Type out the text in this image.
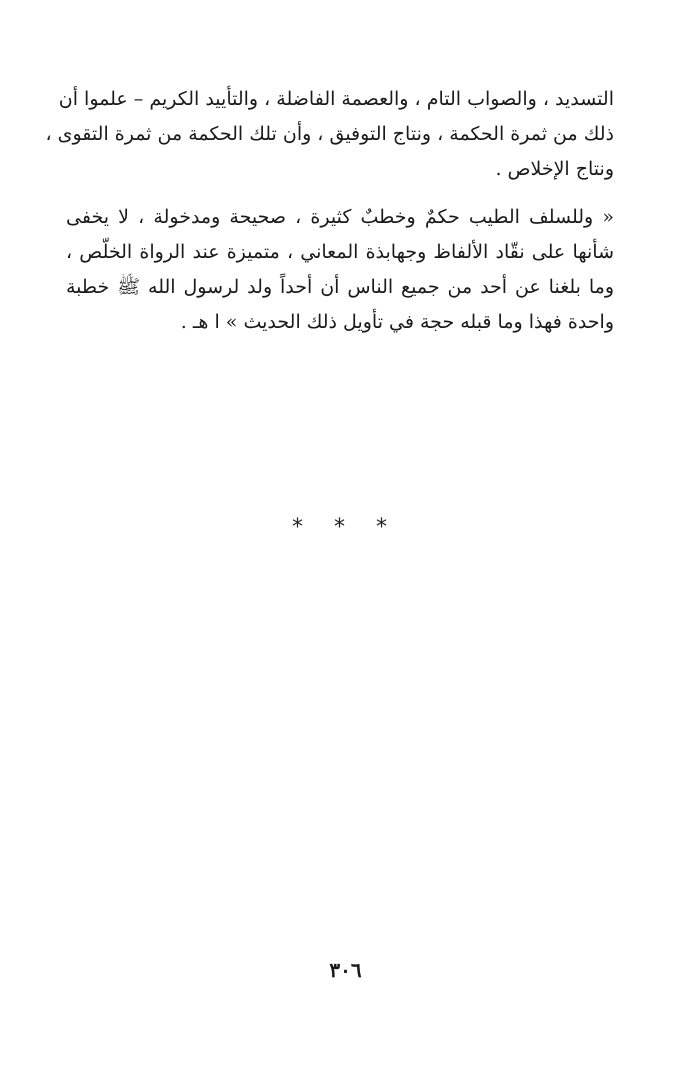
التسديد ، والصواب التام ، والعصمة الفاضلة ، والتأييد الكريم – علموا أن
ذلك من ثمرة الحكمة ، ونتاج التوفيق ، وأن تلك الحكمة من ثمرة التقوى ،
ونتاج الإخلاص .
« وللسلف الطيب حكمٌ وخطبٌ كثيرة ، صحيحة ومدخولة ، لا يخفى
شأنها على نقّاد الألفاظ وجهابذة المعاني ، متميزة عند الرواة الخلّص ،
وما بلغنا عن أحد من جميع الناس أن أحداً ولد لرسول الله ﷺ خطبة
واحدة فهذا وما قبله حجة في تأويل ذلك الحديث » ا هـ .
* * *
٣٠٦
